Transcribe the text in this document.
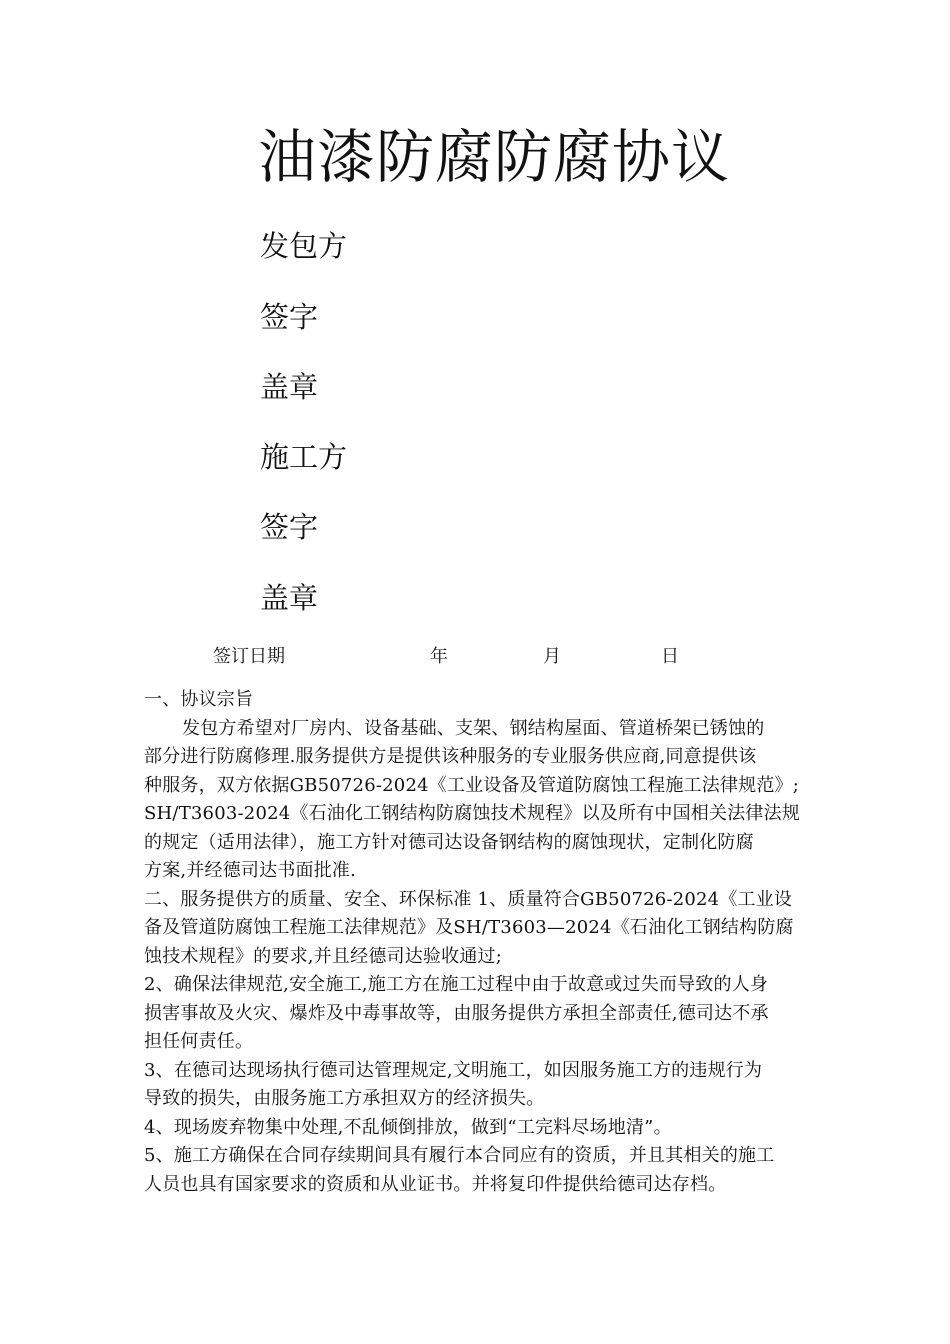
油漆防腐防腐协议
发包方
签字
盖章
施工方
签字
盖章
签订日期	年	月	日

一、协议宗旨

发包方希望对厂房内、设备基础、支架、钢结构屋面、管道桥架已锈蚀的

部分进行防腐修理.服务提供方是提供该种服务的专业服务供应商,同意提供该

种服务，双方依据GB50726-2024《工业设备及管道防腐蚀工程施工法律规范》;

SH/T3603-2024《石油化工钢结构防腐蚀技术规程》以及所有中国相关法律法规

的规定（适用法律），施工方针对德司达设备钢结构的腐蚀现状，定制化防腐

方案,并经德司达书面批准.

二、服务提供方的质量、安全、环保标准 1、质量符合GB50726-2024《工业设

备及管道防腐蚀工程施工法律规范》及SH/T3603—2024《石油化工钢结构防腐

蚀技术规程》的要求,并且经德司达验收通过;

2、确保法律规范,安全施工,施工方在施工过程中由于故意或过失而导致的人身

损害事故及火灾、爆炸及中毒事故等，由服务提供方承担全部责任,德司达不承

担任何责任。

3、在德司达现场执行德司达管理规定,文明施工，如因服务施工方的违规行为

导致的损失，由服务施工方承担双方的经济损失。

4、现场废弃物集中处理,不乱倾倒排放，做到“工完料尽场地清”。

5、施工方确保在合同存续期间具有履行本合同应有的资质，并且其相关的施工

人员也具有国家要求的资质和从业证书。并将复印件提供给德司达存档。
